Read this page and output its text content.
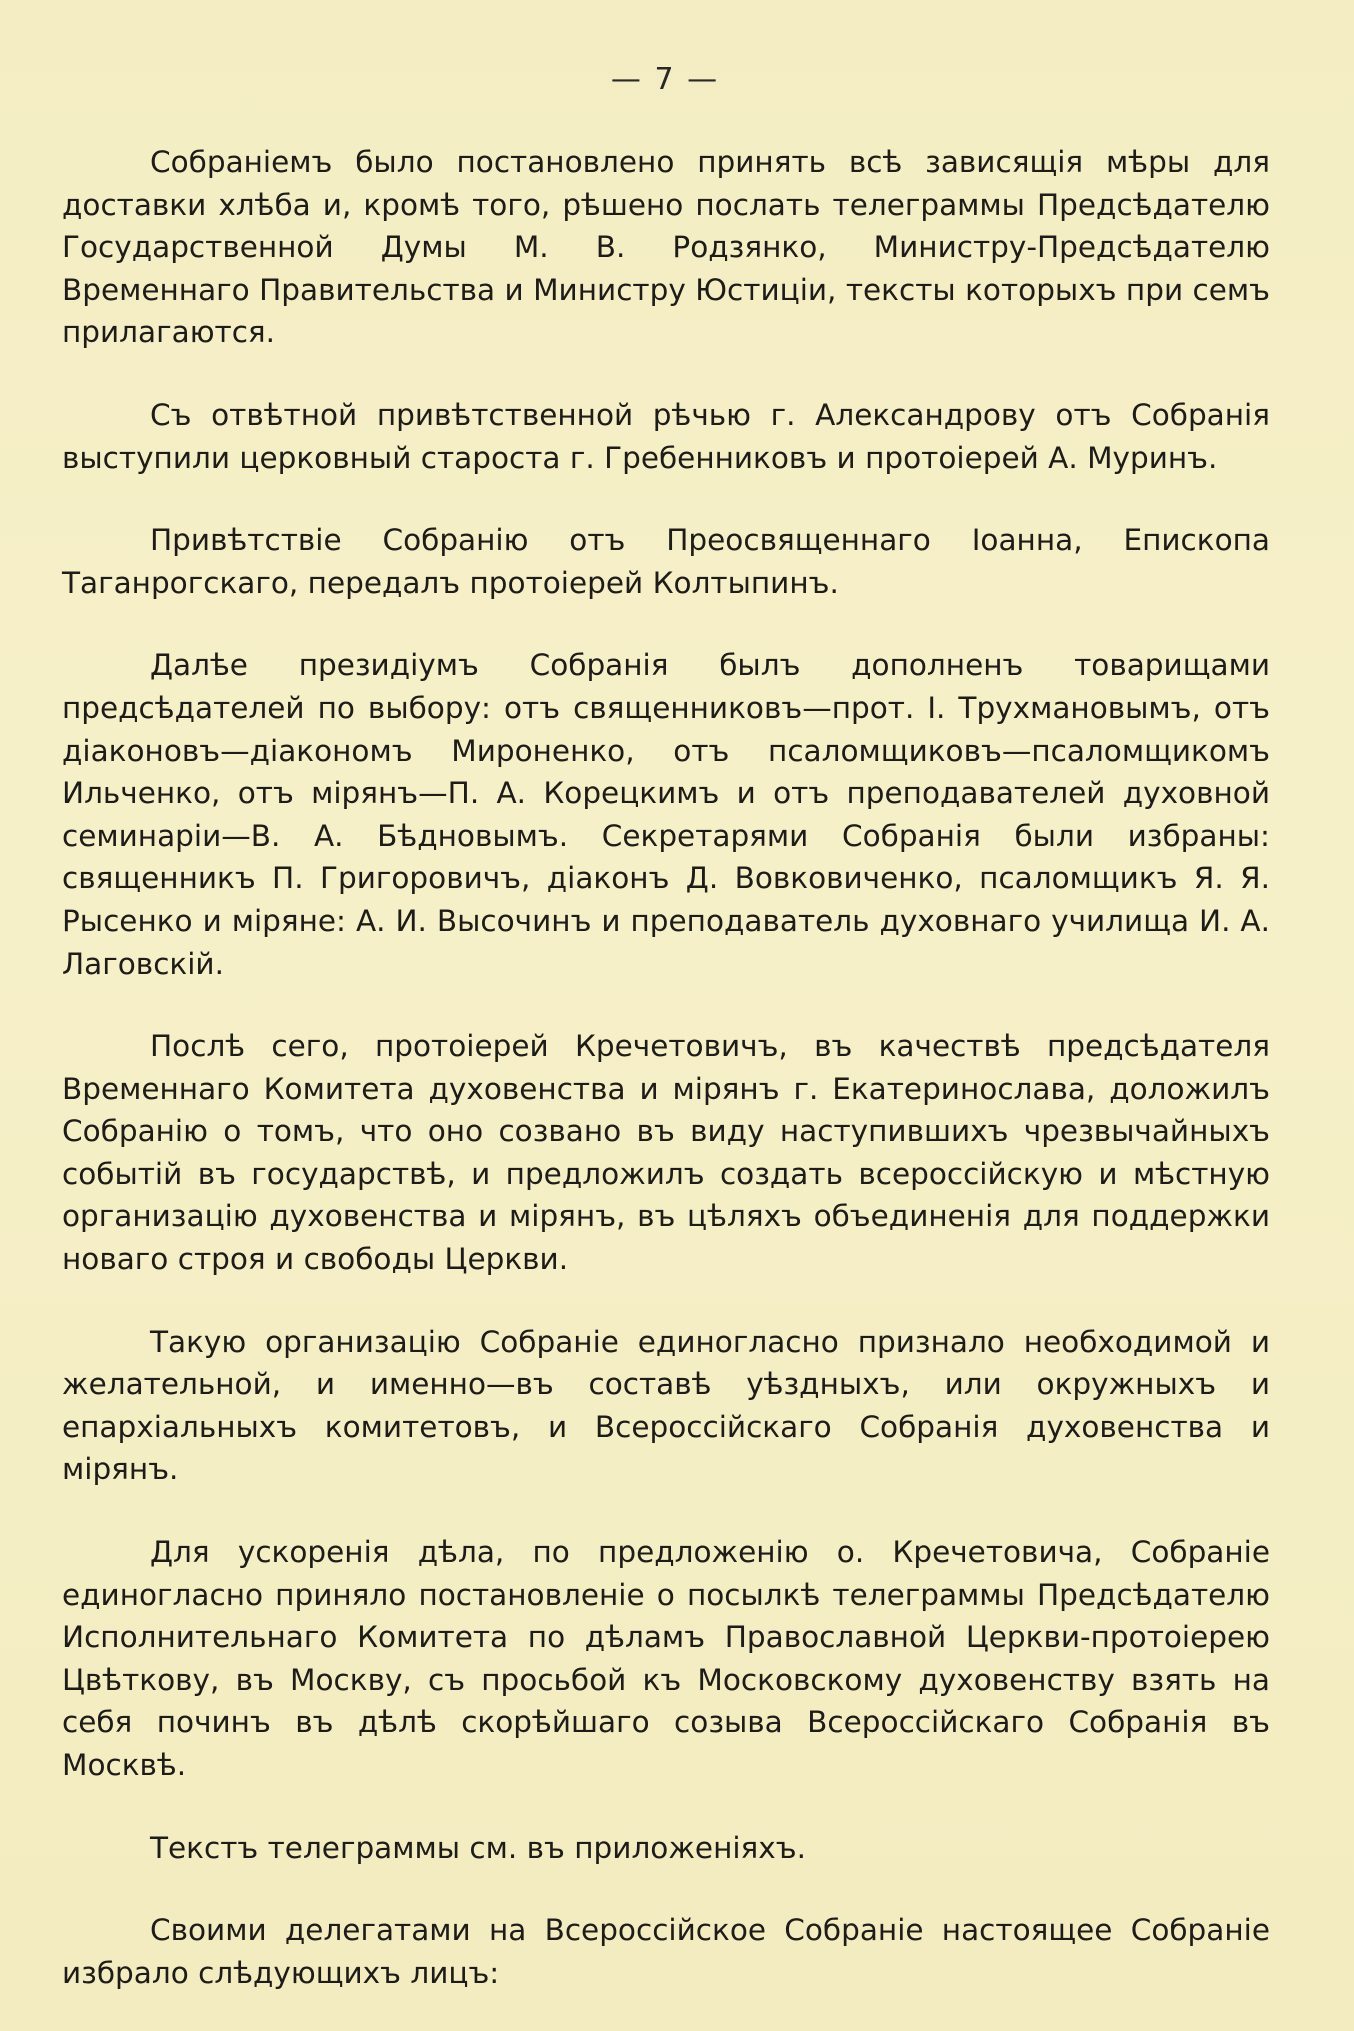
— 7 —

Собраніемъ было постановлено принять всѣ зависящія мѣры для доставки хлѣба и, кромѣ того, рѣшено послать телеграммы Предсѣдателю Государственной Думы М. В. Родзянко, Министру-Предсѣдателю Временнаго Правительства и Министру Юстиціи, тексты которыхъ при семъ прилагаются.

Съ отвѣтной привѣтственной рѣчью г. Александрову отъ Собранія выступили церковный староста г. Гребенниковъ и протоіерей А. Муринъ.

Привѣтствіе Собранію отъ Преосвященнаго Іоанна, Епископа Таганрогскаго, передалъ протоіерей Колтыпинъ.

Далѣе президіумъ Собранія былъ дополненъ товарищами предсѣдателей по выбору: отъ священниковъ—прот. І. Трухмановымъ, отъ діаконовъ—діакономъ Мироненко, отъ псаломщиковъ—псаломщикомъ Ильченко, отъ мірянъ—П. А. Корецкимъ и отъ преподавателей духовной семинаріи—В. А. Бѣдновымъ. Секретарями Собранія были избраны: священникъ П. Григоровичъ, діаконъ Д. Вовковиченко, псаломщикъ Я. Я. Рысенко и міряне: А. И. Высочинъ и преподаватель духовнаго училища И. А. Лаговскій.

Послѣ сего, протоіерей Кречетовичъ, въ качествѣ предсѣдателя Временнаго Комитета духовенства и мірянъ г. Екатеринослава, доложилъ Собранію о томъ, что оно созвано въ виду наступившихъ чрезвычайныхъ событій въ государствѣ, и предложилъ создать всероссійскую и мѣстную организацію духовенства и мірянъ, въ цѣляхъ объединенія для поддержки новаго строя и свободы Церкви.

Такую организацію Собраніе единогласно признало необходимой и желательной, и именно—въ составѣ уѣздныхъ, или окружныхъ и епархіальныхъ комитетовъ, и Всероссійскаго Собранія духовенства и мірянъ.

Для ускоренія дѣла, по предложенію о. Кречетовича, Собраніе единогласно приняло постановленіе о посылкѣ телеграммы Предсѣдателю Исполнительнаго Комитета по дѣламъ Православной Церкви-протоіерею Цвѣткову, въ Москву, съ просьбой къ Московскому духовенству взять на себя починъ въ дѣлѣ скорѣйшаго созыва Всероссійскаго Собранія въ Москвѣ.

Текстъ телеграммы см. въ приложеніяхъ.

Своими делегатами на Всероссійское Собраніе настоящее Собраніе избрало слѣдующихъ лицъ:
